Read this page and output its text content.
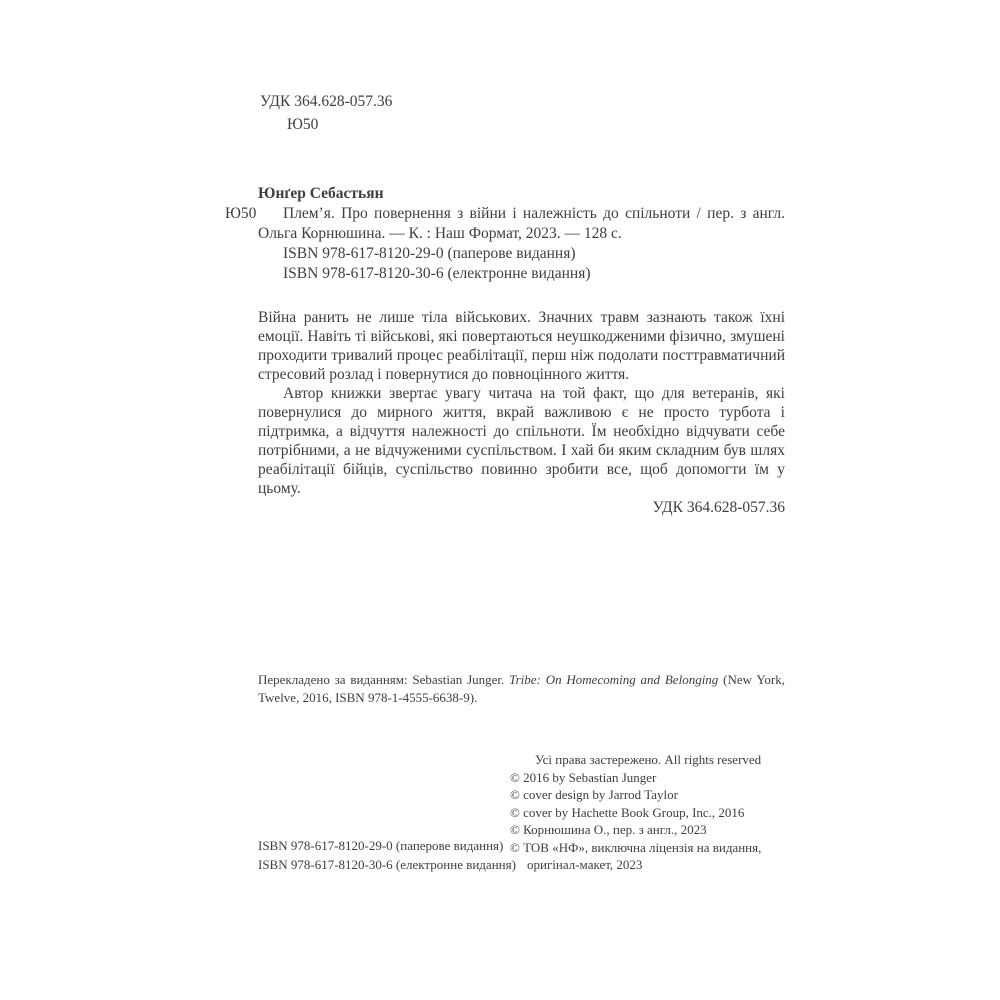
УДК 364.628-057.36
Ю50
Юнґер Себастьян
Ю50 Плем’я. Про повернення з війни і належність до спільноти / пер. з англ. Ольга Корнюшина. — К. : Наш Формат, 2023. — 128 с.
ISBN 978-617-8120-29-0 (паперове видання)
ISBN 978-617-8120-30-6 (електронне видання)

Війна ранить не лише тіла військових. Значних травм зазнають також їхні емоції. Навіть ті військові, які повертаються неушкодженими фізично, змушені проходити тривалий процес реабілітації, перш ніж подолати посттравматичний стресовий розлад і повернутися до повноцінного життя.

Автор книжки звертає увагу читача на той факт, що для ветеранів, які повернулися до мирного життя, вкрай важливою є не просто турбота і підтримка, а відчуття належності до спільноти. Їм необхідно відчувати себе потрібними, а не відчуженими суспільством. І хай би яким складним був шлях реабілітації бійців, суспільство повинно зробити все, щоб допомогти їм у цьому.

УДК 364.628-057.36
Перекладено за виданням: Sebastian Junger. Tribe: On Homecoming and Belonging (New York, Twelve, 2016, ISBN 978-1-4555-6638-9).
ISBN 978-617-8120-29-0 (паперове видання)
ISBN 978-617-8120-30-6 (електронне видання)
Усі права застережено. All rights reserved
© 2016 by Sebastian Junger
© cover design by Jarrod Taylor
© cover by Hachette Book Group, Inc., 2016
© Корнюшина О., пер. з англ., 2023
© ТОВ «НФ», виключна ліцензія на видання, оригінал-макет, 2023
